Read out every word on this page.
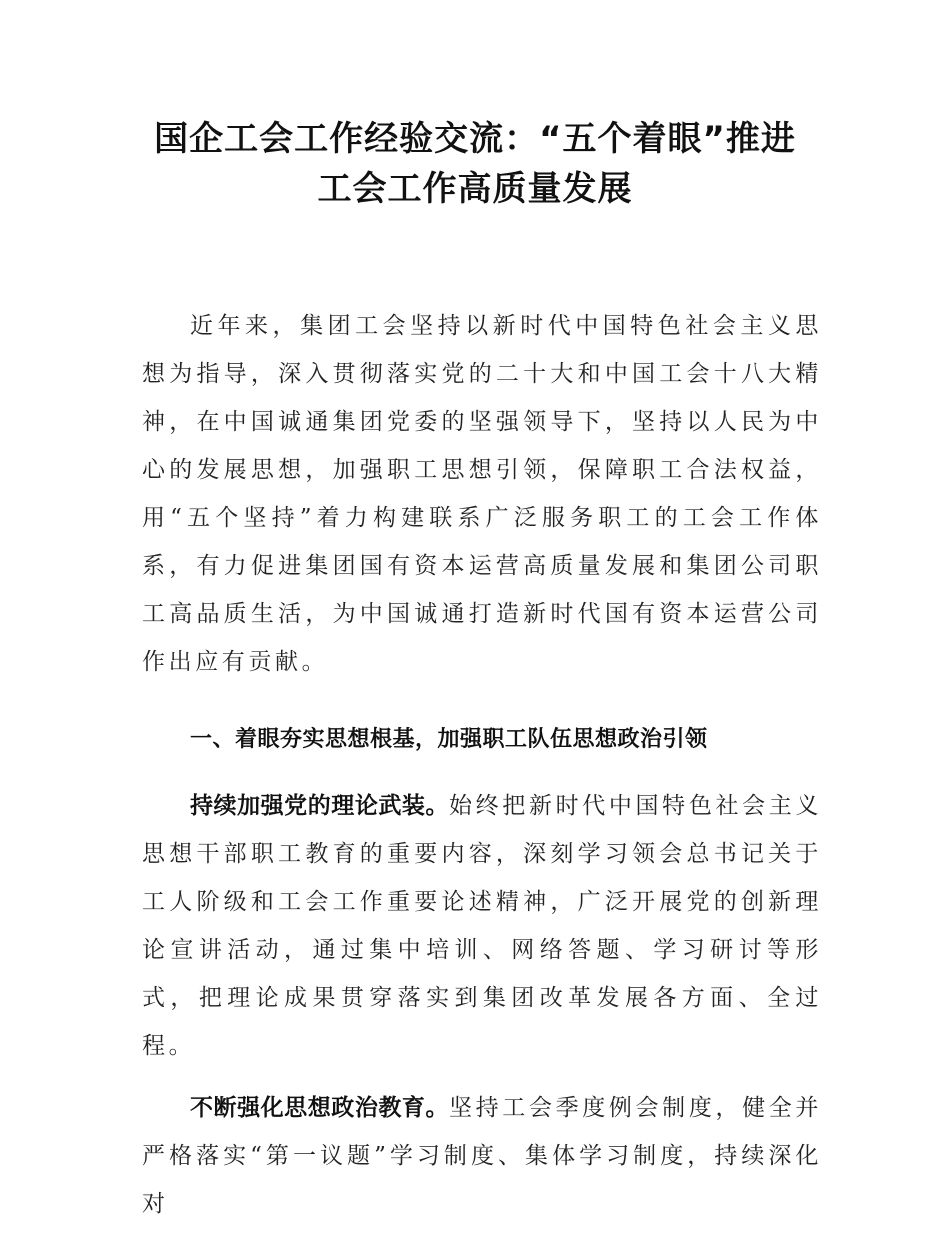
国企工会工作经验交流：“五个着眼”推进
工会工作高质量发展

近年来，集团工会坚持以新时代中国特色社会主义思想为指导，深入贯彻落实党的二十大和中国工会十八大精神，在中国诚通集团党委的坚强领导下，坚持以人民为中心的发展思想，加强职工思想引领，保障职工合法权益，用“五个坚持”着力构建联系广泛服务职工的工会工作体系，有力促进集团国有资本运营高质量发展和集团公司职工高品质生活，为中国诚通打造新时代国有资本运营公司作出应有贡献。

一、着眼夯实思想根基，加强职工队伍思想政治引领

持续加强党的理论武装。始终把新时代中国特色社会主义思想干部职工教育的重要内容，深刻学习领会总书记关于工人阶级和工会工作重要论述精神，广泛开展党的创新理论宣讲活动，通过集中培训、网络答题、学习研讨等形式，把理论成果贯穿落实到集团改革发展各方面、全过程。

不断强化思想政治教育。坚持工会季度例会制度，健全并严格落实“第一议题”学习制度、集体学习制度，持续深化对
